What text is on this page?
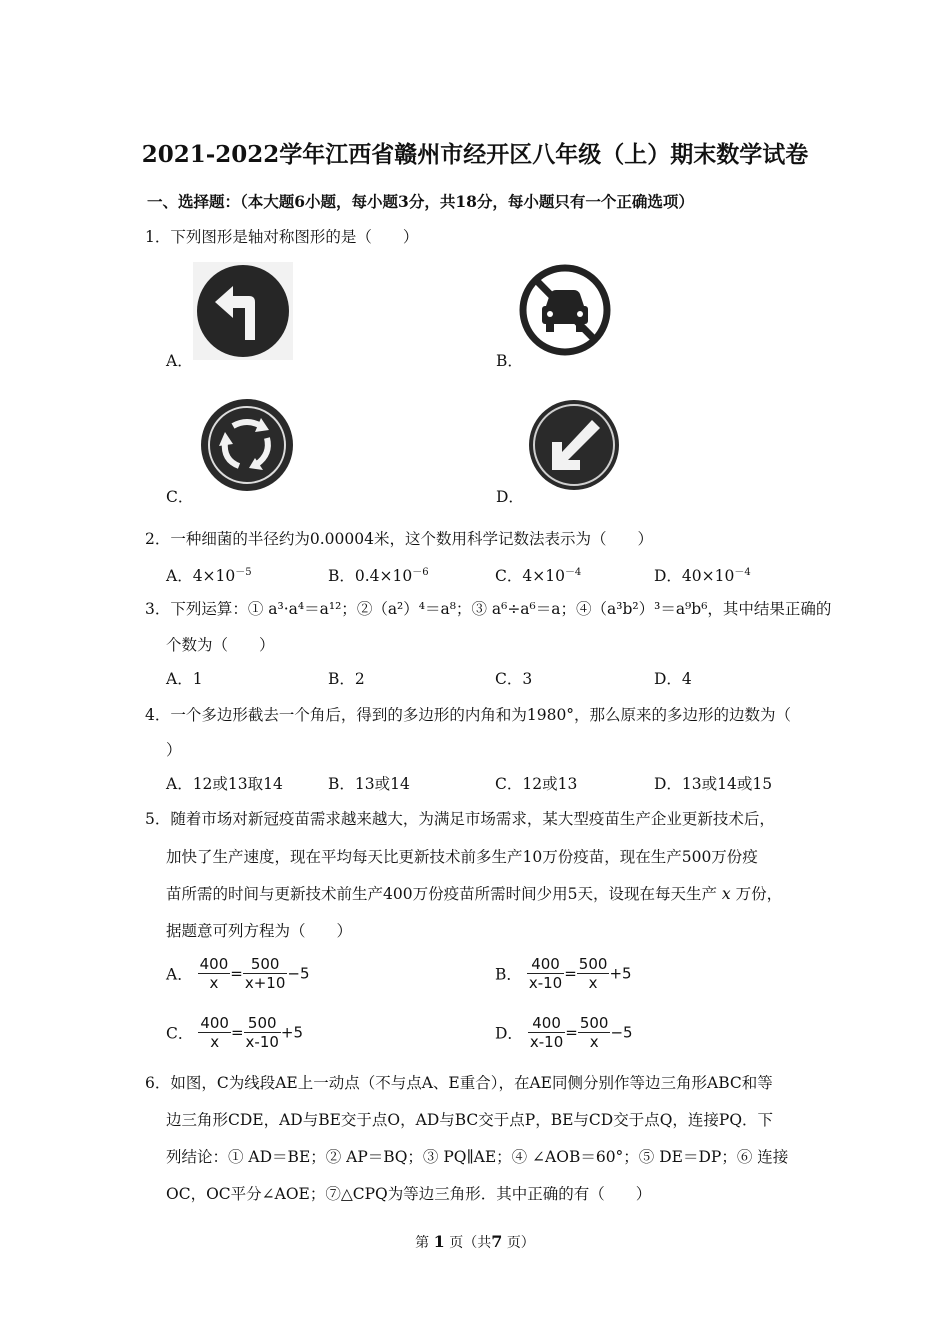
2021-2022学年江西省赣州市经开区八年级（上）期末数学试卷
一、选择题：（本大题6小题，每小题3分，共18分，每小题只有一个正确选项）
1．下列图形是轴对称图形的是（　　）
A．	B．
C．	D．
2．一种细菌的半径约为0.00004米，这个数用科学记数法表示为（　　）
A．$4\times 10^{-5}$	B．$0.4\times 10^{-6}$	C．$4\times 10^{-4}$	D．$40\times 10^{-4}$
3．下列运算：① a³·a⁴＝a¹²；②（a²）⁴＝a⁸；③ a⁶÷a⁶＝a；④（a³b²）³＝a⁹b⁶，其中结果正确的
个数为（　　）
A．1	B．2	C．3	D．4
4．一个多边形截去一个角后，得到的多边形的内角和为1980°，那么原来的多边形的边数为（
）
A．12或13取14	B．13或14	C．12或13	D．13或14或15
5．随着市场对新冠疫苗需求越来越大，为满足市场需求，某大型疫苗生产企业更新技术后，
加快了生产速度，现在平均每天比更新技术前多生产10万份疫苗，现在生产500万份疫
苗所需的时间与更新技术前生产400万份疫苗所需时间少用5天，设现在每天生产 x 万份，
据题意可列方程为（　　）
A． $\frac{400}{x} = \frac{500}{x+10} -5$	B． $\frac{400}{x-10} = \frac{500}{x} +5$
C． $\frac{400}{x} = \frac{500}{x-10} +5$	D． $\frac{400}{x-10} = \frac{500}{x} -5$
6．如图，C为线段AE上一动点（不与点A、E重合），在AE同侧分别作等边三角形ABC和等
边三角形CDE，AD与BE交于点O，AD与BC交于点P，BE与CD交于点Q，连接PQ．下
列结论：① AD＝BE；② AP＝BQ；③ PQ∥AE；④ ∠AOB＝60°；⑤ DE＝DP；⑥ 连接
OC，OC平分∠AOE；⑦△CPQ为等边三角形．其中正确的有（　　）
第 1 页（共7 页）
